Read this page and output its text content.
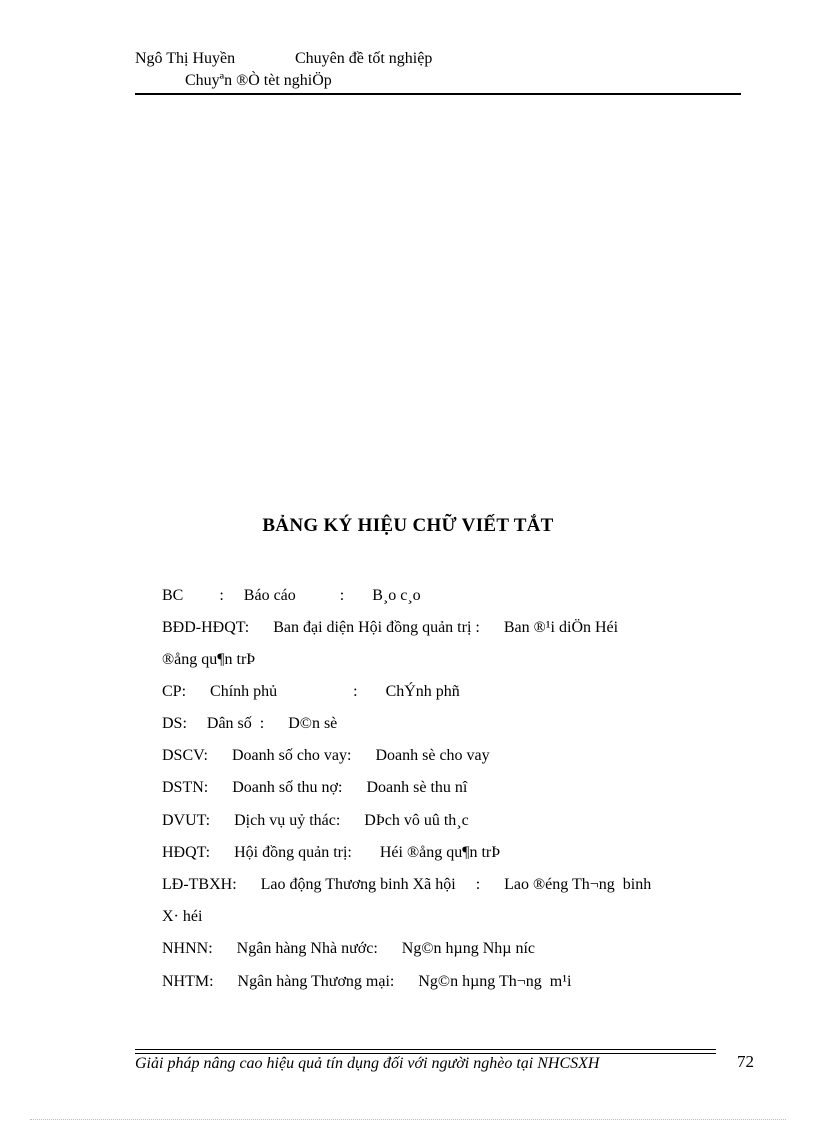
Ngô Thị Huyền	Chuyên đề tốt nghiệp
Chuyªn ®Ò tèt nghiÖp
BẢNG KÝ HIỆU CHỮ VIẾT TẮT
BC         :     Báo cáo           :       B¸o c¸o
BĐD-HĐQT:      Ban đại diện Hội đồng quản trị :      Ban ®¹i diÖn Héi
®ång qu¶n trÞ
CP:      Chính phủ                   :       ChÝnh phñ
DS:     Dân số  :      D©n sè
DSCV:      Doanh số cho vay:      Doanh sè cho vay
DSTN:      Doanh số thu nợ:      Doanh sè thu nî
DVUT:      Dịch vụ uỷ thác:      DÞch vô uû th¸c
HĐQT:      Hội đồng quản trị:       Héi ®ång qu¶n trÞ
LĐ-TBXH:      Lao động Thương binh Xã hội     :      Lao ®éng Th¬ng  binh
X· héi
NHNN:      Ngân hàng Nhà nước:      Ng©n hµng Nhµ níc
NHTM:      Ngân hàng Thương mại:      Ng©n hµng Th¬ng  m¹i
Giải pháp nâng cao hiệu quả tín dụng đối với người nghèo tại NHCSXH	72
